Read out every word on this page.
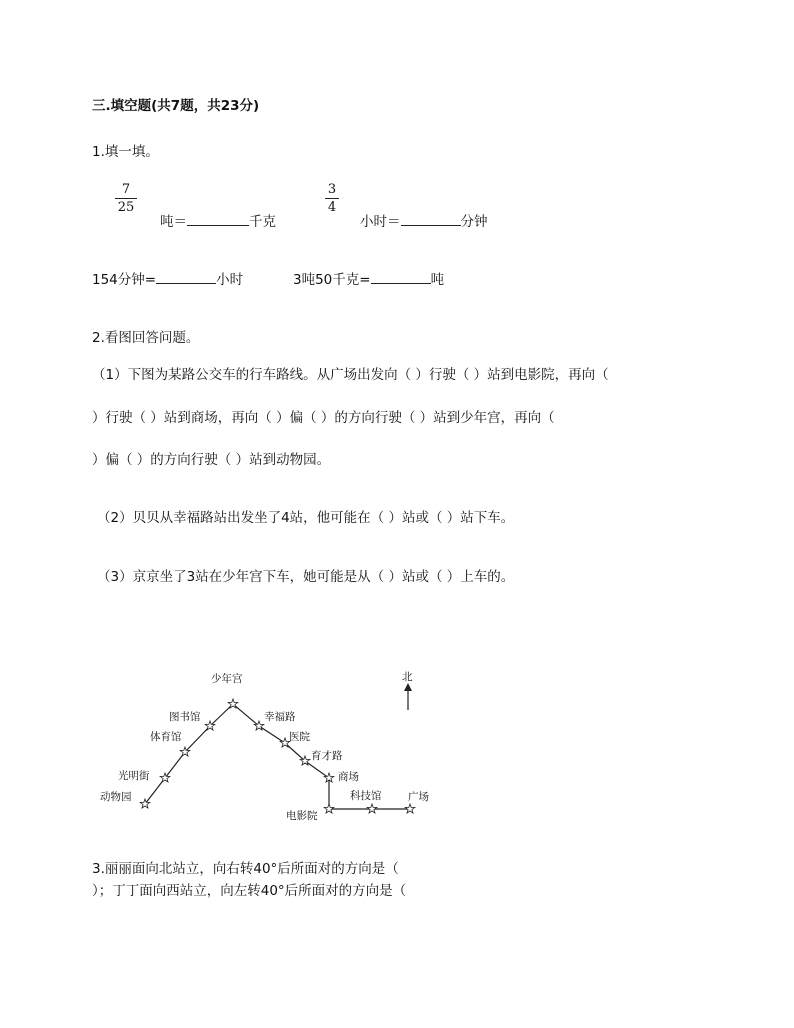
三.填空题(共7题，共23分)
1.填一填。
7
25
吨＝	千克
3
4
小时＝	分钟
154分钟=	小时	3吨50千克=	吨
2.看图回答问题。
（1）下图为某路公交车的行车路线。从广场出发向（ ）行驶（ ）站到电影院，再向（
）行驶（ ）站到商场，再向（ ）偏（ ）的方向行驶（ ）站到少年宫，再向（
）偏（ ）的方向行驶（ ）站到动物园。
（2）贝贝从幸福路站出发坐了4站，他可能在（ ）站或（ ）站下车。
（3）京京坐了3站在少年宫下车，她可能是从（ ）站或（ ）上车的。
北
少年宫
图书馆
体育馆
光明街
动物园
幸福路
医院
育才路
商场
电影院
科技馆	广场
3.丽丽面向北站立，向右转40°后所面对的方向是（
）；丁丁面向西站立，向左转40°后所面对的方向是（
